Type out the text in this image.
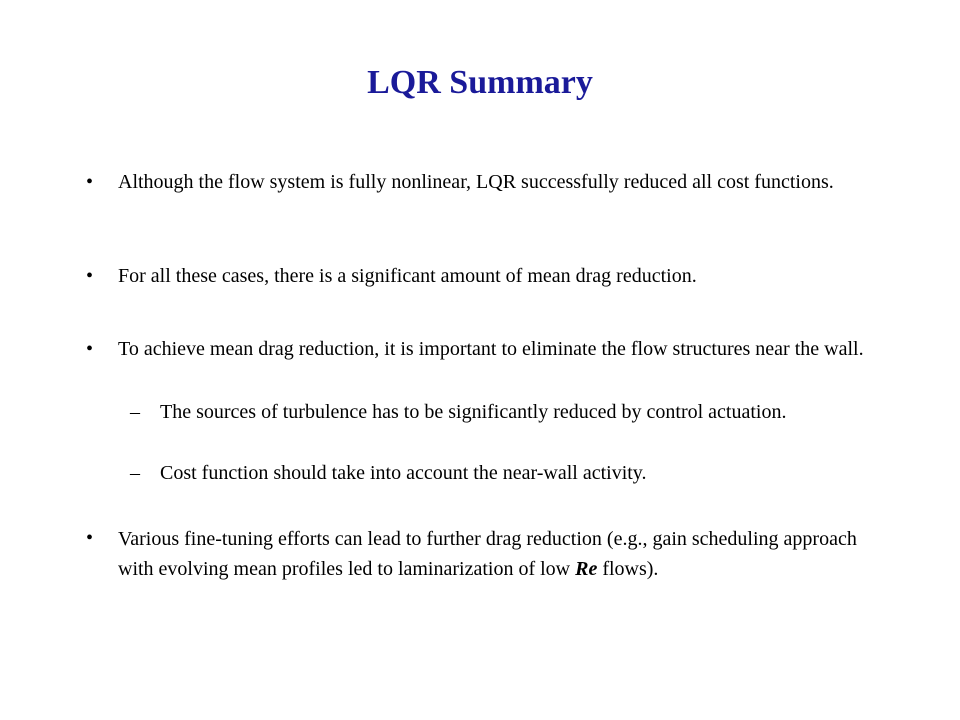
LQR Summary
• Although the flow system is fully nonlinear, LQR successfully reduced all cost functions.
• For all these cases, there is a significant amount of mean drag reduction.
• To achieve mean drag reduction, it is important to eliminate the flow structures near the wall.
– The sources of turbulence has to be significantly reduced by control actuation.
– Cost function should take into account the near-wall activity.
• Various fine-tuning efforts can lead to further drag reduction (e.g., gain scheduling approach with evolving mean profiles led to laminarization of low Re flows).
